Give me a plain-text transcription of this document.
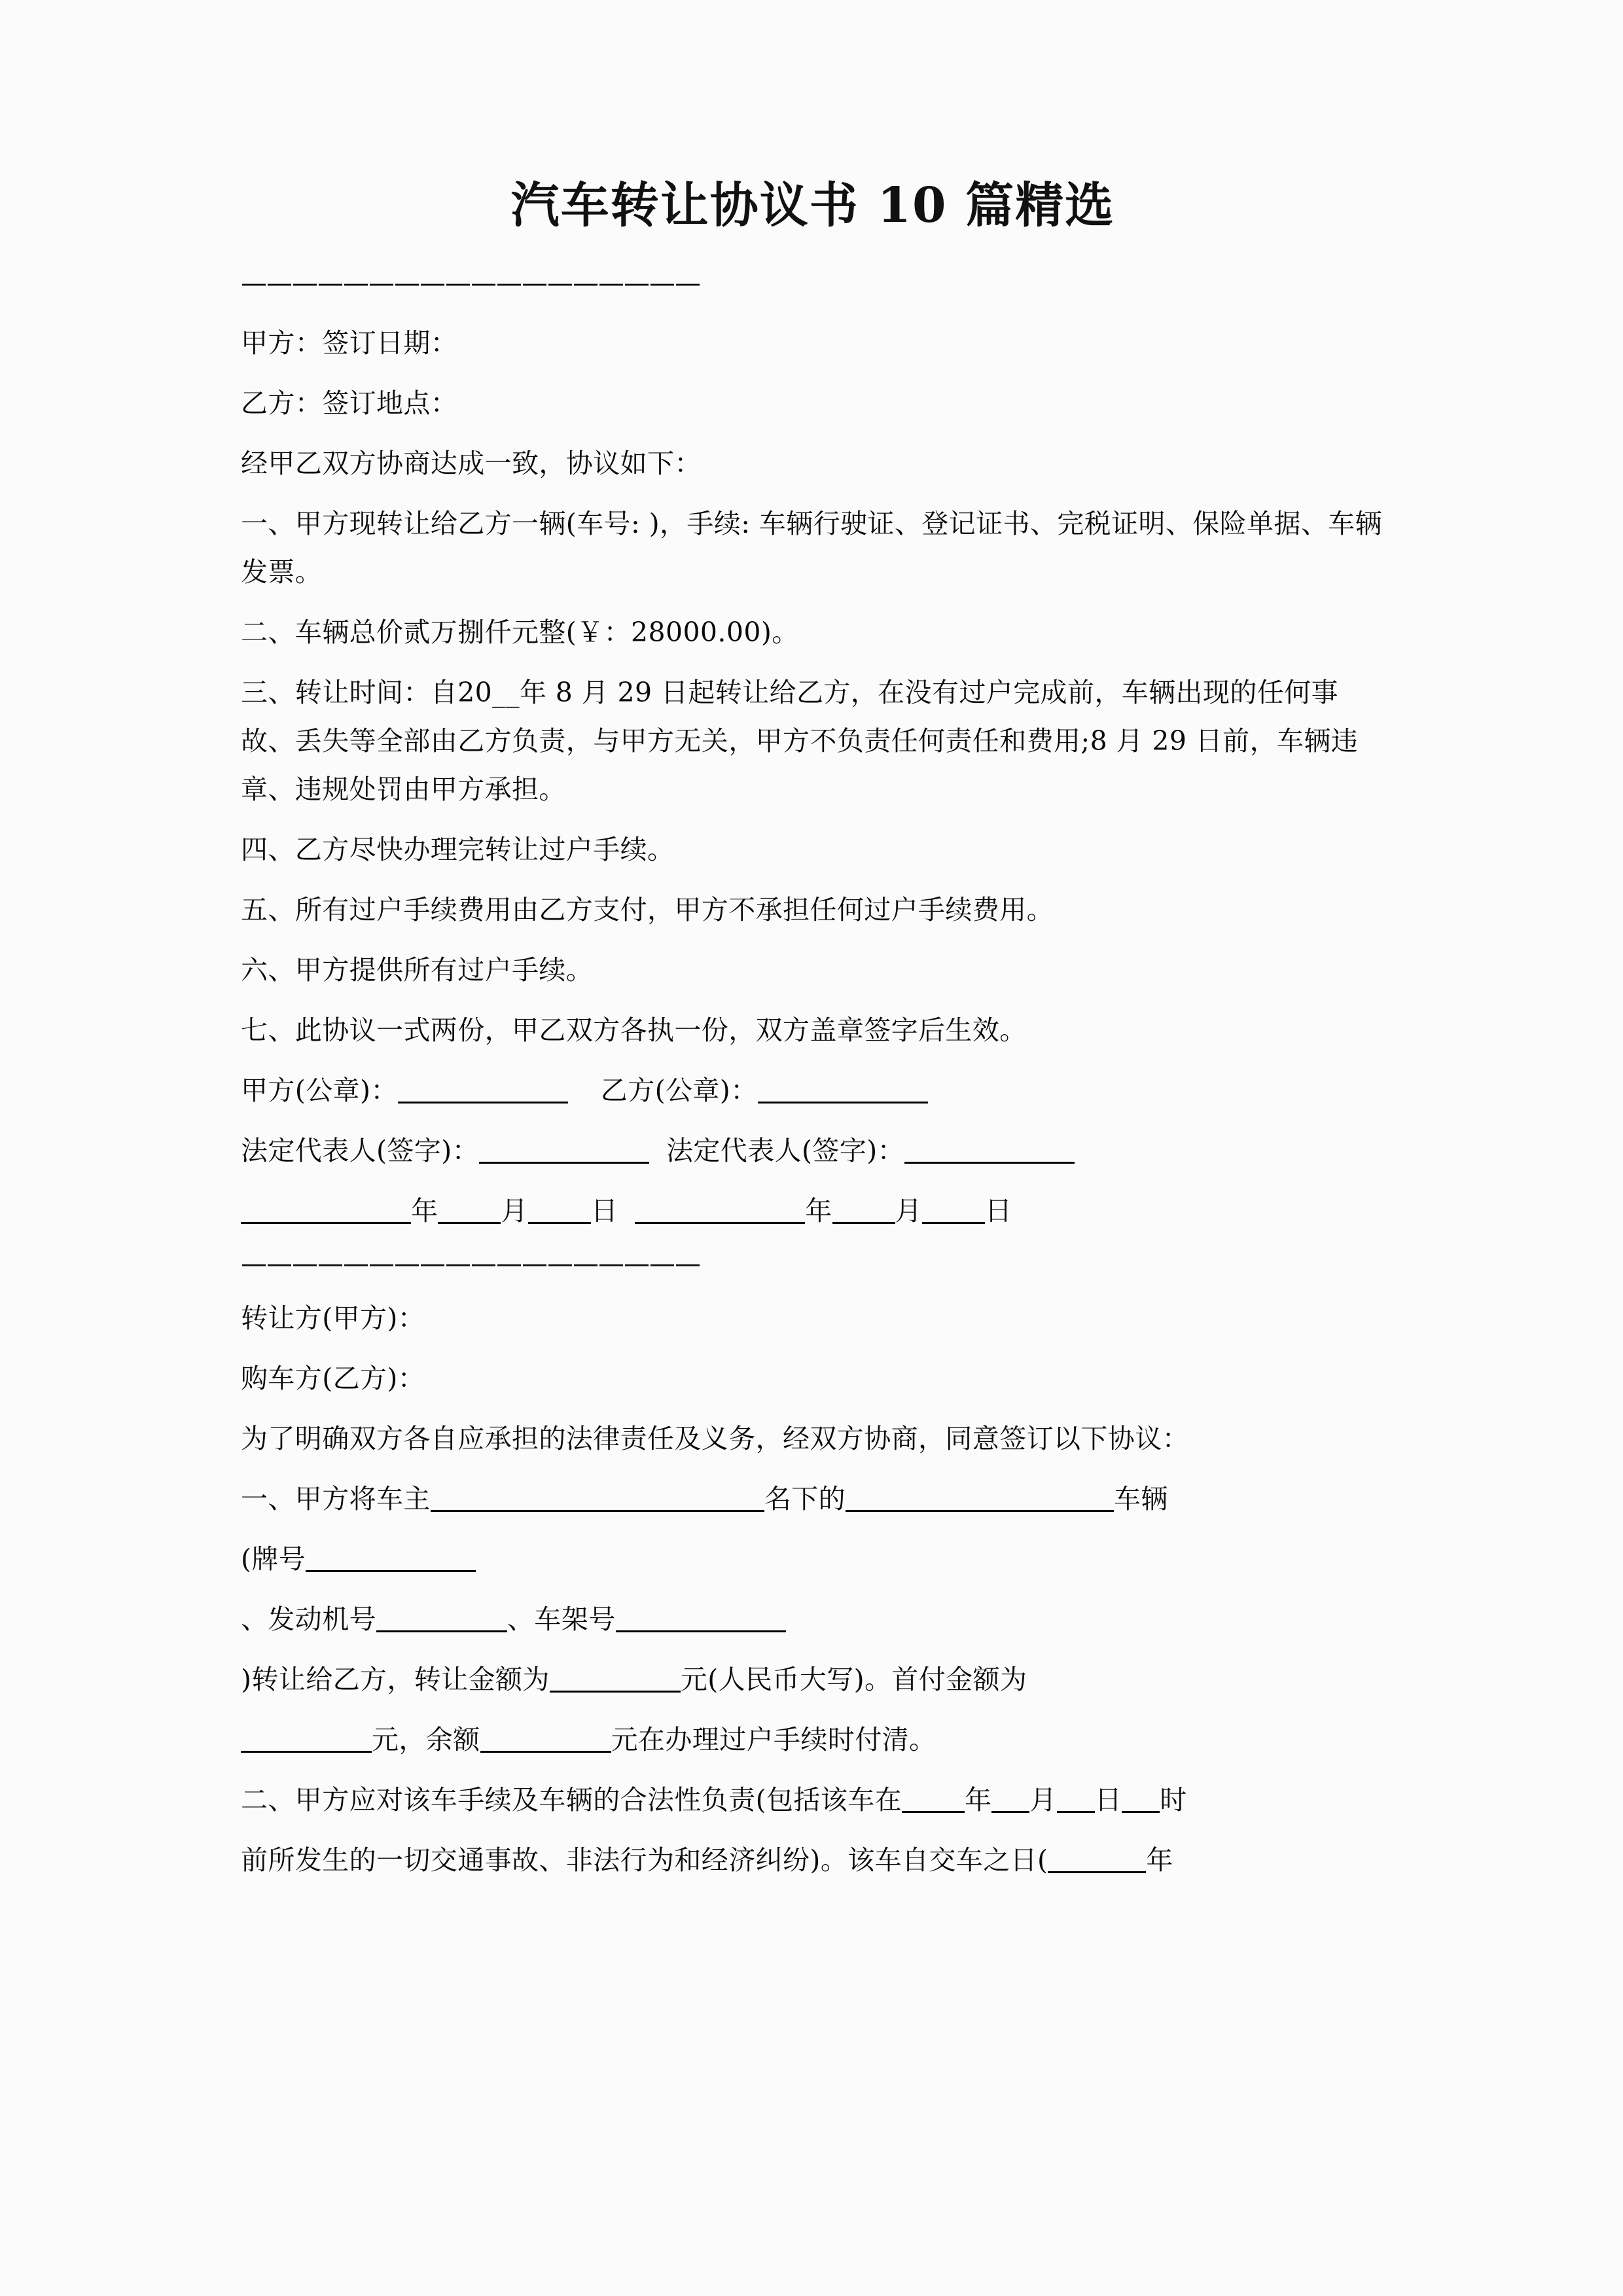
汽车转让协议书 10 篇精选
——————————————————

甲方：签订日期：

乙方：签订地点：

经甲乙双方协商达成一致，协议如下：

一、甲方现转让给乙方一辆(车号: )，手续: 车辆行驶证、登记证书、完税证明、保险单据、车辆发票。

二、车辆总价贰万捌仟元整(￥：28000.00)。

三、转让时间：自20__年 8 月 29 日起转让给乙方，在没有过户完成前，车辆出现的任何事故、丢失等全部由乙方负责，与甲方无关，甲方不负责任何责任和费用;8 月 29 日前，车辆违章、违规处罚由甲方承担。

四、乙方尽快办理完转让过户手续。

五、所有过户手续费用由乙方支付，甲方不承担任何过户手续费用。

六、甲方提供所有过户手续。

七、此协议一式两份，甲乙双方各执一份，双方盖章签字后生效。

甲方(公章)：	乙方(公章)：

法定代表人(签字)：	法定代表人(签字)：

年 月 日	年 月 日

——————————————————

转让方(甲方)：

购车方(乙方)：

为了明确双方各自应承担的法律责任及义务，经双方协商，同意签订以下协议：

一、甲方将车主	名下的	车辆

(牌号

、发动机号	、车架号

)转让给乙方，转让金额为	元(人民币大写)。首付金额为

元，余额	元在办理过户手续时付清。

二、甲方应对该车手续及车辆的合法性负责(包括该车在 年 月 日 时

前所发生的一切交通事故、非法行为和经济纠纷)。该车自交车之日(	年
